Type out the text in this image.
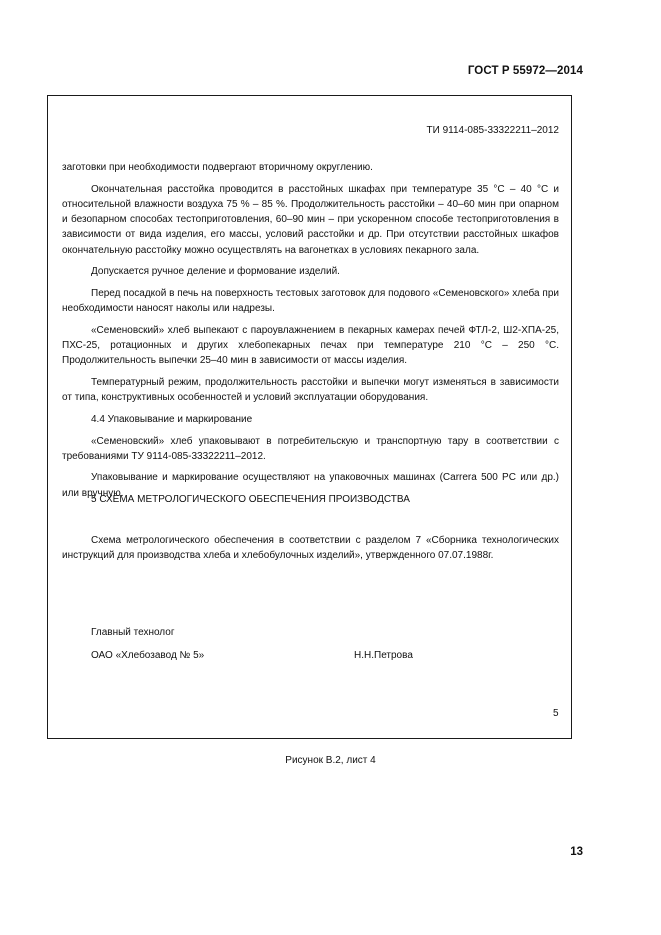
ГОСТ Р 55972—2014
ТИ 9114-085-33322211–2012

заготовки при необходимости подвергают вторичному округлению.

Окончательная расстойка проводится в расстойных шкафах при температуре 35 °С – 40 °С и относительной влажности воздуха 75 % – 85 %. Продолжительность расстойки – 40–60 мин при опарном и безопарном способах тестоприготовления, 60–90 мин – при ускоренном способе тестоприготовления в зависимости от вида изделия, его массы, условий расстойки и др. При отсутствии расстойных шкафов окончательную расстойку можно осуществлять на вагонетках в условиях пекарного зала.

Допускается ручное деление и формование изделий.

Перед посадкой в печь на поверхность тестовых заготовок для подового «Семеновского» хлеба при необходимости наносят наколы или надрезы.

«Семеновский» хлеб выпекают с пароувлажнением в пекарных камерах печей ФТЛ-2, Ш2-ХПА-25, ПХС-25, ротационных и других хлебопекарных печах при температуре 210 °С – 250 °С. Продолжительность выпечки 25–40 мин в зависимости от массы изделия.

Температурный режим, продолжительность расстойки и выпечки могут изменяться в зависимости от типа, конструктивных особенностей и условий эксплуатации оборудования.

4.4 Упаковывание и маркирование

«Семеновский» хлеб упаковывают в потребительскую и транспортную тару в соответствии с требованиями ТУ 9114-085-33322211–2012.

Упаковывание и маркирование осуществляют на упаковочных машинах (Carrera 500 PC или др.) или вручную.

5 СХЕМА МЕТРОЛОГИЧЕСКОГО ОБЕСПЕЧЕНИЯ ПРОИЗВОДСТВА

Схема метрологического обеспечения в соответствии с разделом 7 «Сборника технологических инструкций для производства хлеба и хлебобулочных изделий», утвержденного 07.07.1988г.

Главный технолог
ОАО «Хлебозавод № 5»	Н.Н.Петрова
5
Рисунок В.2, лист 4
13
